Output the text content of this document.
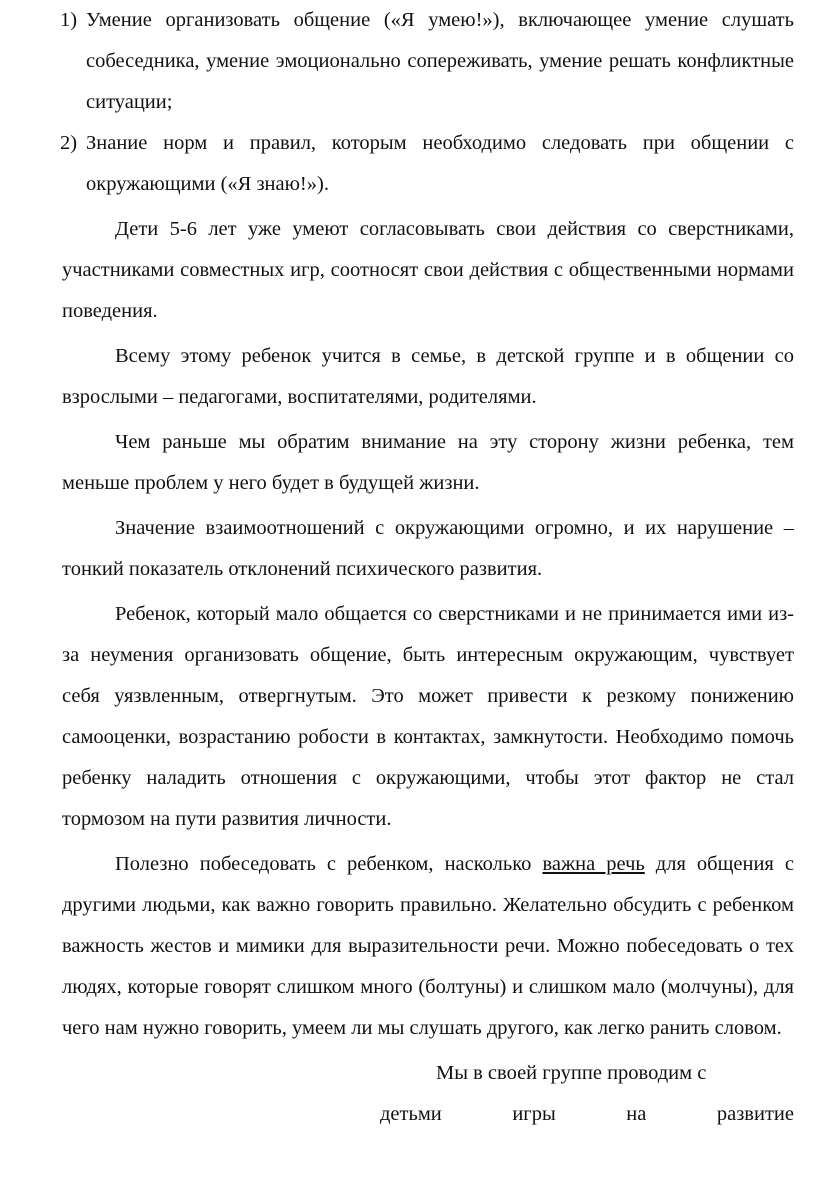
1) Умение организовать общение («Я умею!»), включающее умение слушать собеседника, умение эмоционально сопереживать, умение решать конфликтные ситуации;
2) Знание норм и правил, которым необходимо следовать при общении с окружающими («Я знаю!»).

Дети 5-6 лет уже умеют согласовывать свои действия со сверстниками, участниками совместных игр, соотносят свои действия с общественными нормами поведения.

Всему этому ребенок учится в семье, в детской группе и в общении со взрослыми – педагогами, воспитателями, родителями.

Чем раньше мы обратим внимание на эту сторону жизни ребенка, тем меньше проблем у него будет в будущей жизни.

Значение взаимоотношений с окружающими огромно, и их нарушение – тонкий показатель отклонений психического развития.

Ребенок, который мало общается со сверстниками и не принимается ими из-за неумения организовать общение, быть интересным окружающим, чувствует себя уязвленным, отвергнутым. Это может привести к резкому понижению самооценки, возрастанию робости в контактах, замкнутости. Необходимо помочь ребенку наладить отношения с окружающими, чтобы этот фактор не стал тормозом на пути развития личности.

Полезно побеседовать с ребенком, насколько важна речь для общения с другими людьми, как важно говорить правильно. Желательно обсудить с ребенком важность жестов и мимики для выразительности речи. Можно побеседовать о тех людях, которые говорят слишком много (болтуны) и слишком мало (молчуны), для чего нам нужно говорить, умеем ли мы слушать другого, как легко ранить словом.

Мы в своей группе проводим с
детьми игры на развитие
